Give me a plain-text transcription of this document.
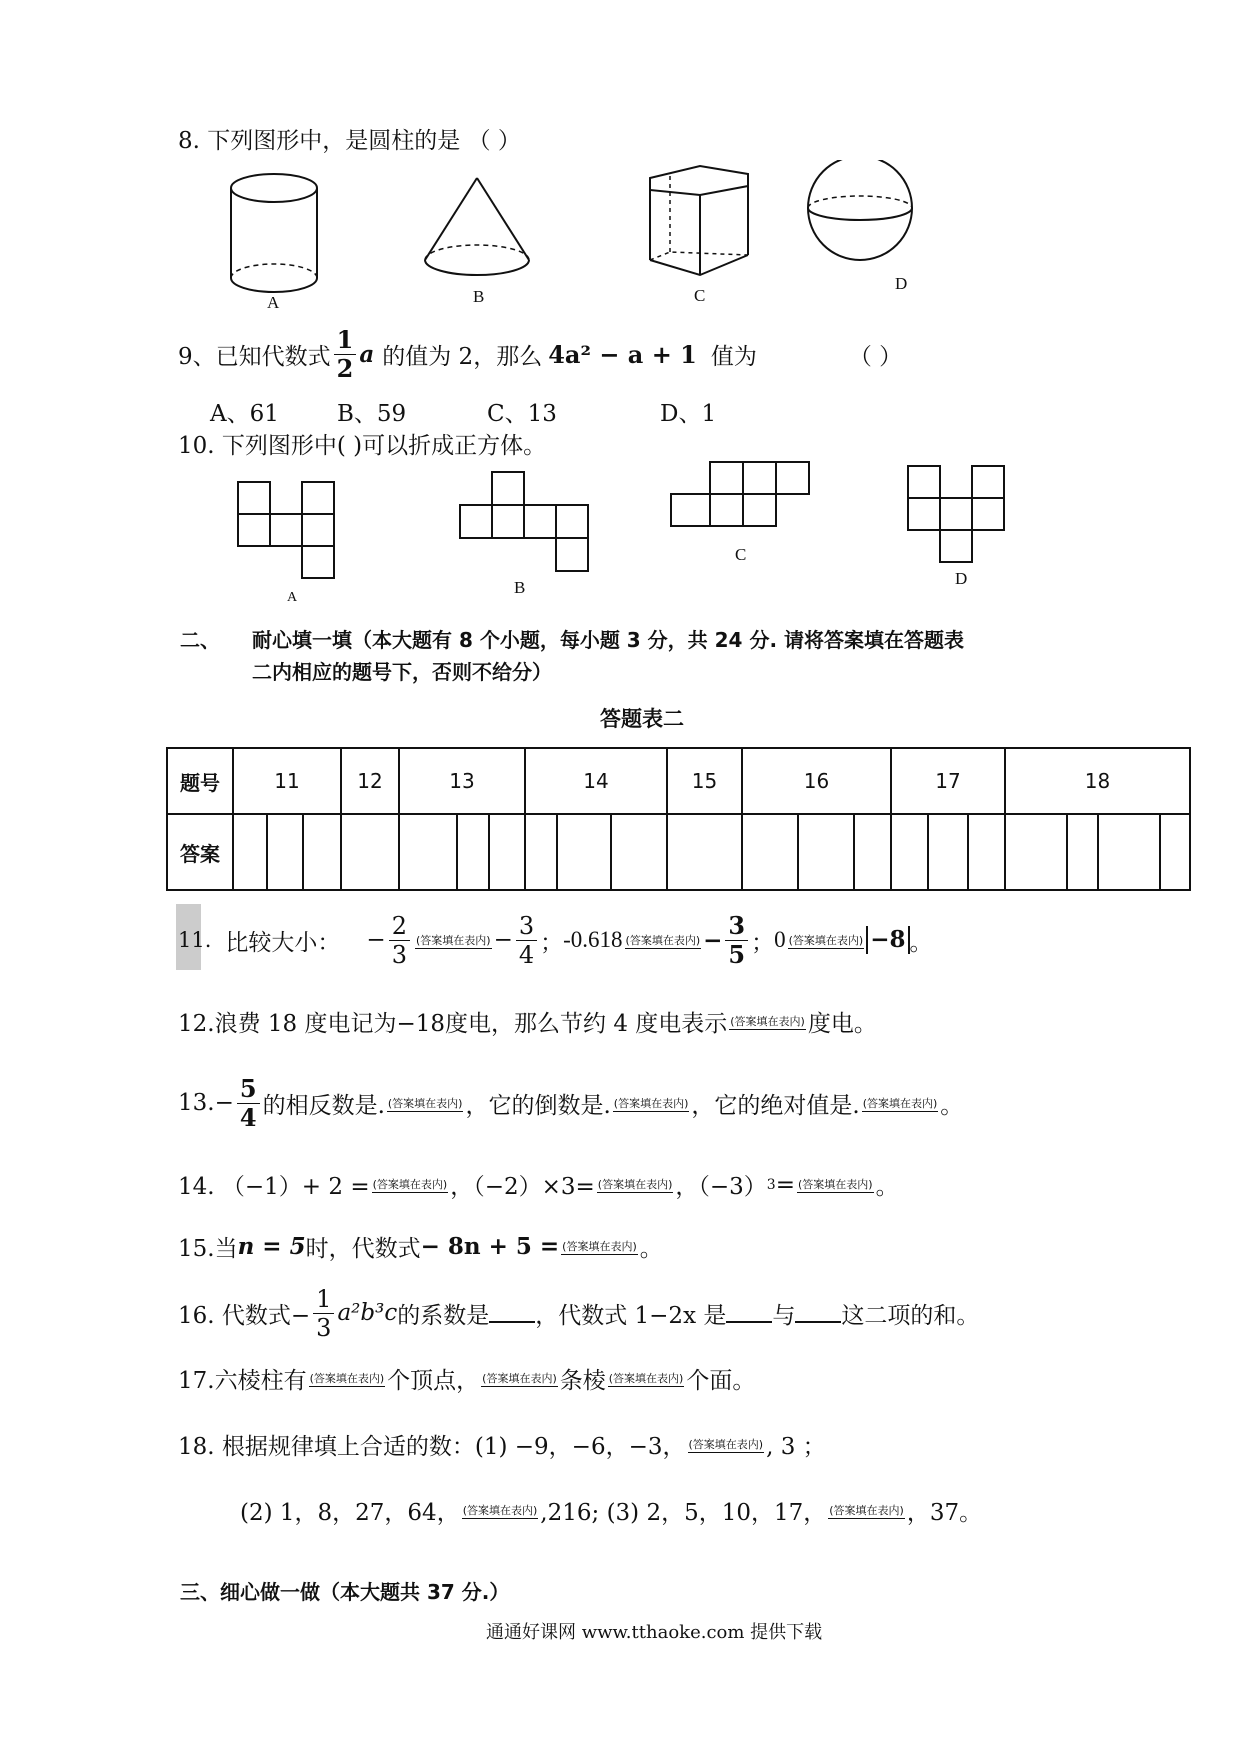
8. 下列图形中，是圆柱的是 （ ）
A	B	C
D
9、已知代数式 $\frac{1}{2}$ a 的值为 2，那么 4a² − a + 1 值为	（ ）
A、61	B、59	C、13	D、1
10. 下列图形中( )可以折成正方体。
A
B
C
D
二、 耐心填一填（本大题有 8 个小题，每小题 3 分，共 24 分. 请将答案填在答题表
二内相应的题号下，否则不给分）
答题表二
题号	11			12	13			14			15	16			17			18			
答案																					
11. 比较大小： − $\frac{2}{3}$ (答案填在表内) − $\frac{3}{4}$ ； -0.618 (答案填在表内) − $\frac{3}{5}$ ； 0 (答案填在表内) −8 。
12.浪费 18 度电记为−18度电，那么节约 4 度电表示 (答案填在表内) 度电。
$13.- \frac{5}{4}$ 的相反数是. (答案填在表内) ，它的倒数是. (答案填在表内) ，它的绝对值是. (答案填在表内) 。
14. （−1）+ 2 = (答案填在表内) ，（−2）×3= (答案填在表内) ，（−3） 3 = (答案填在表内) 。
15.当 n = 5 时，代数式 − 8n + 5 = (答案填在表内) 。
16. 代数式− $\frac{1}{3} a^2b^3c$ 的系数是 ，代数式 1−2x 是 与 这二项的和。
17.六棱柱有 (答案填在表内) 个顶点， (答案填在表内) 条棱 (答案填在表内) 个面。
18. 根据规律填上合适的数：(1) −9，−6，−3， (答案填在表内) , 3 ；
(2) 1，8，27，64， (答案填在表内) ,216; (3) 2，5，10，17， (答案填在表内) ，37。
三、细心做一做（本大题共 37 分.）
通通好课网 www.tthaoke.com 提供下载
